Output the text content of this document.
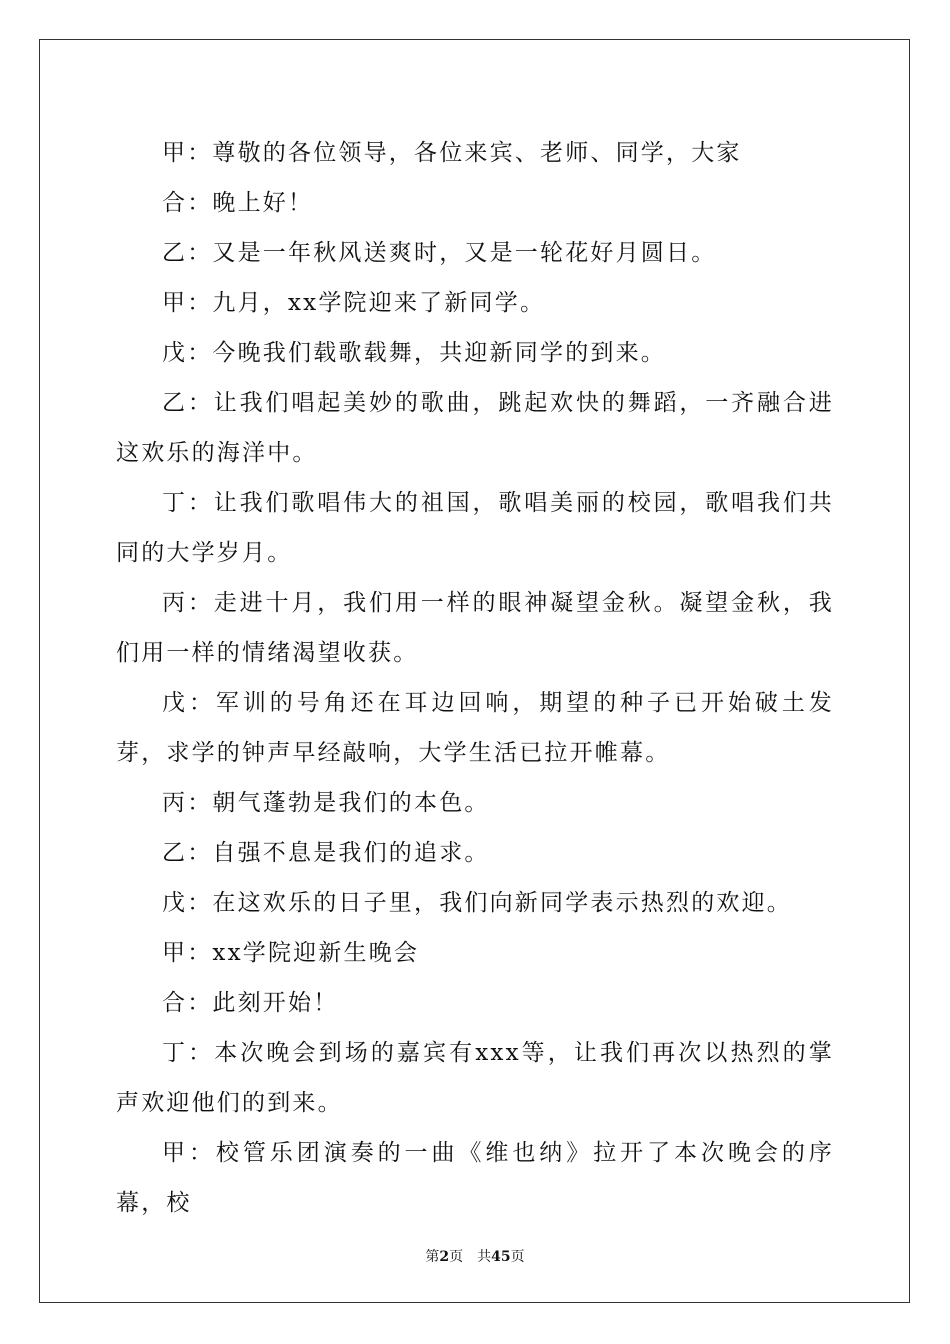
甲：尊敬的各位领导，各位来宾、老师、同学，大家

合：晚上好！

乙：又是一年秋风送爽时，又是一轮花好月圆日。

甲：九月，xx学院迎来了新同学。

戊：今晚我们载歌载舞，共迎新同学的到来。

乙：让我们唱起美妙的歌曲，跳起欢快的舞蹈，一齐融合进这欢乐的海洋中。

丁：让我们歌唱伟大的祖国，歌唱美丽的校园，歌唱我们共同的大学岁月。

丙：走进十月，我们用一样的眼神凝望金秋。凝望金秋，我们用一样的情绪渴望收获。

戊：军训的号角还在耳边回响，期望的种子已开始破土发芽，求学的钟声早经敲响，大学生活已拉开帷幕。

丙：朝气蓬勃是我们的本色。

乙：自强不息是我们的追求。

戊：在这欢乐的日子里，我们向新同学表示热烈的欢迎。

甲：xx学院迎新生晚会

合：此刻开始！

丁：本次晚会到场的嘉宾有xxx等，让我们再次以热烈的掌声欢迎他们的到来。

甲：校管乐团演奏的一曲《维也纳》拉开了本次晚会的序幕，校

第2页 共45页
